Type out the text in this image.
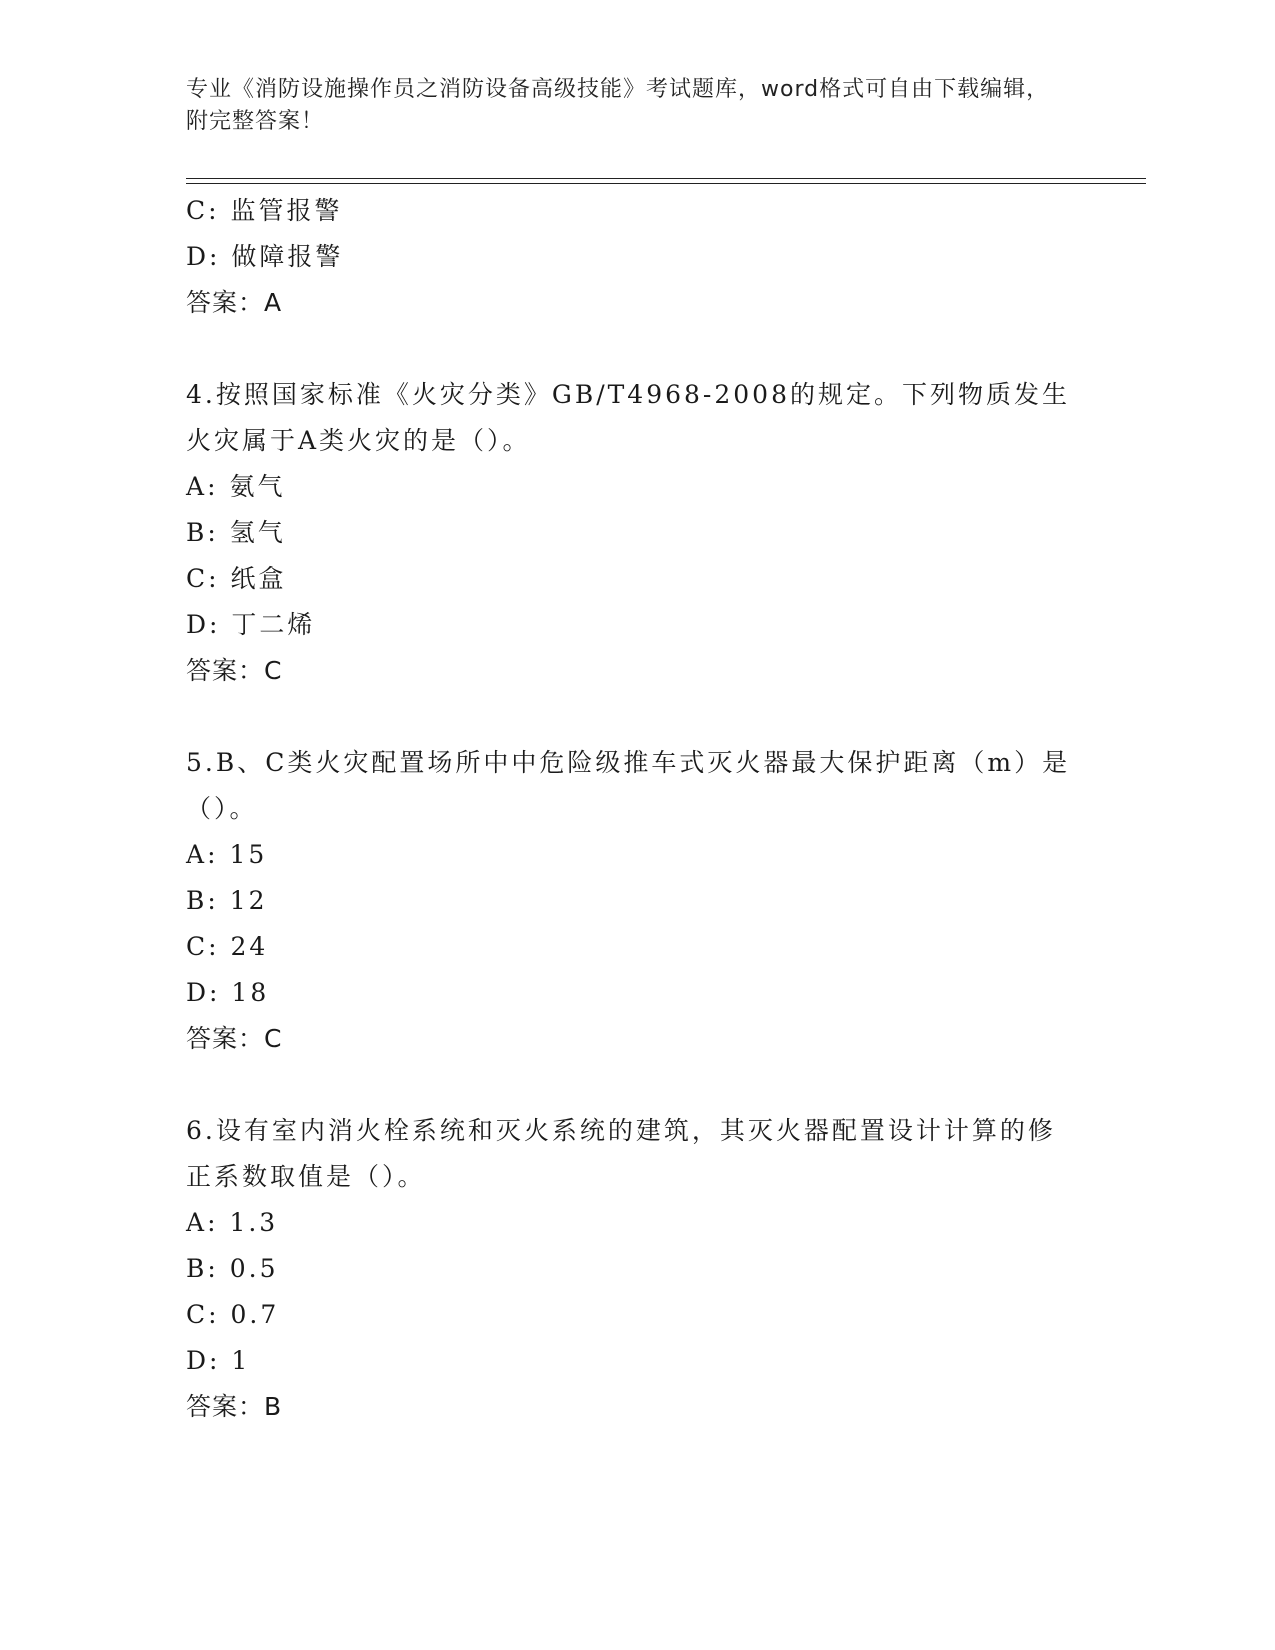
专业《消防设施操作员之消防设备高级技能》考试题库，word格式可自由下载编辑，附完整答案！
C: 监管报警
D: 做障报警
答案：A
4.按照国家标准《火灾分类》GB/T4968-2008的规定。下列物质发生火灾属于A类火灾的是（）。
A: 氨气
B: 氢气
C: 纸盒
D: 丁二烯
答案：C
5.B、C类火灾配置场所中中危险级推车式灭火器最大保护距离（m）是（）。
A: 15
B: 12
C: 24
D: 18
答案：C
6.设有室内消火栓系统和灭火系统的建筑，其灭火器配置设计计算的修正系数取值是（）。
A: 1.3
B: 0.5
C: 0.7
D: 1
答案：B
